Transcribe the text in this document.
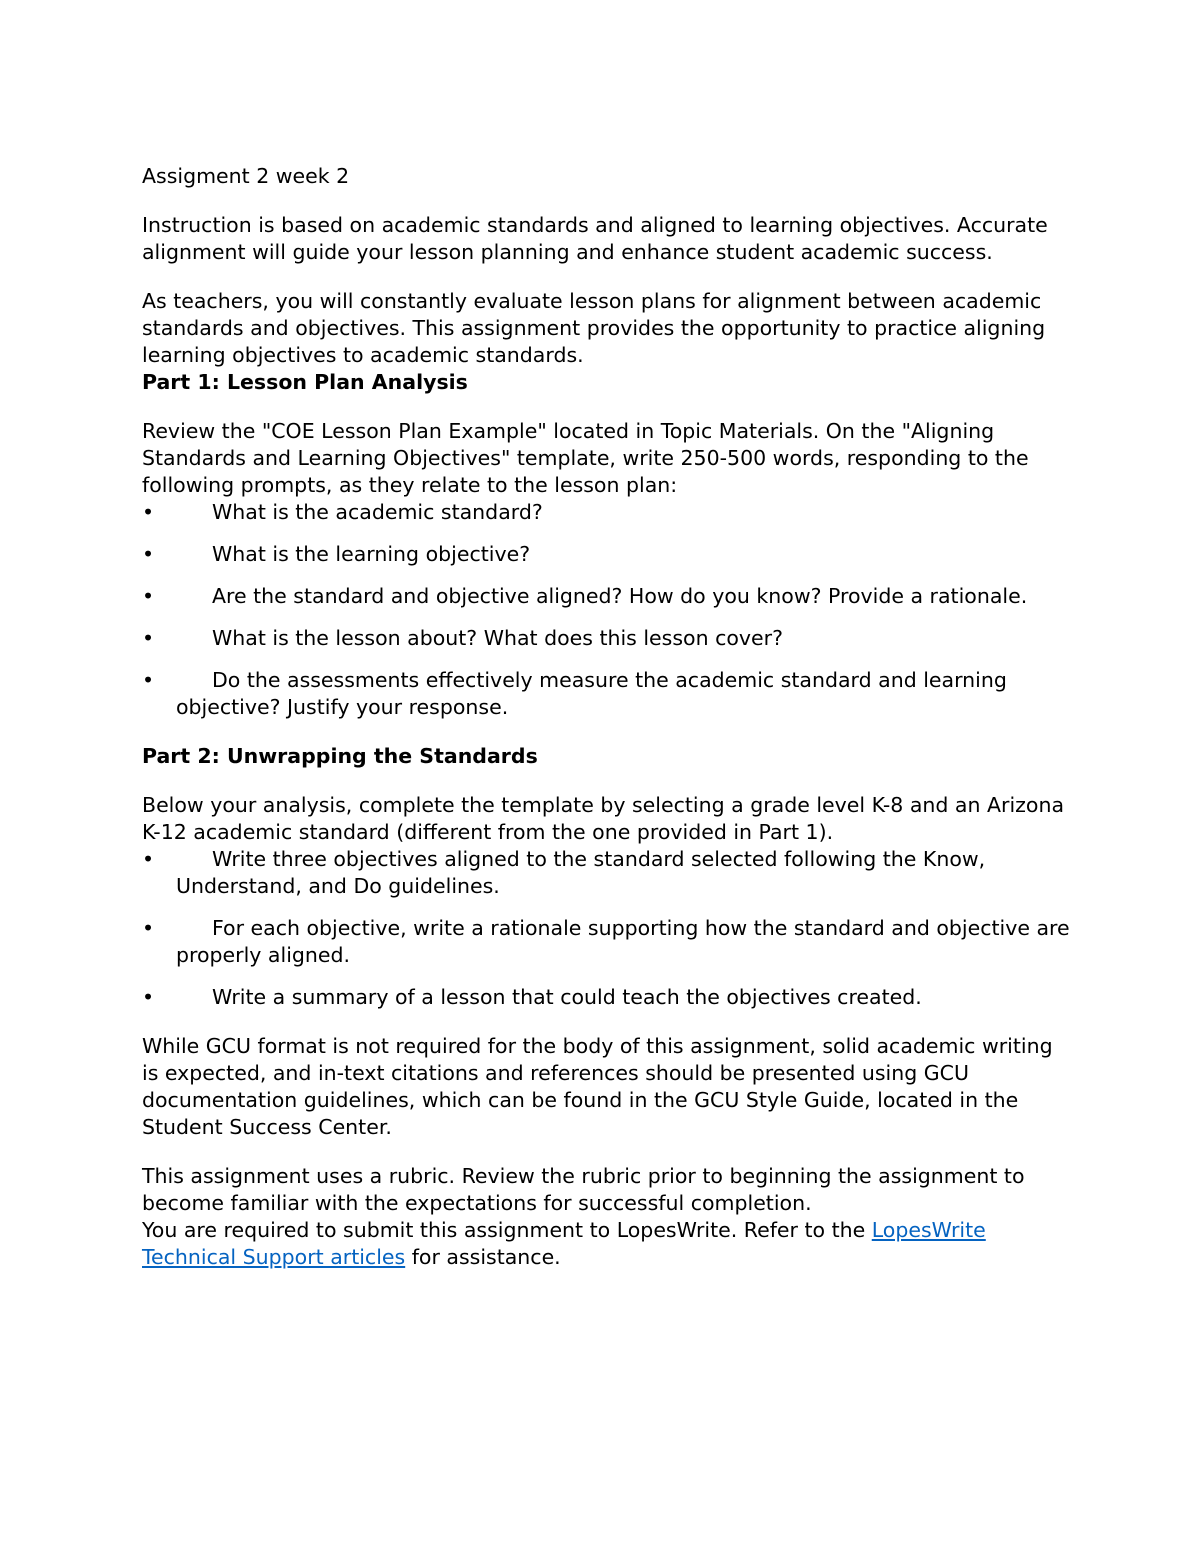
Assigment 2 week 2

Instruction is based on academic standards and aligned to learning objectives. Accurate alignment will guide your lesson planning and enhance student academic success.

As teachers, you will constantly evaluate lesson plans for alignment between academic standards and objectives. This assignment provides the opportunity to practice aligning learning objectives to academic standards.

Part 1: Lesson Plan Analysis

Review the "COE Lesson Plan Example" located in Topic Materials. On the "Aligning Standards and Learning Objectives" template, write 250-500 words, responding to the following prompts, as they relate to the lesson plan:

•	What is the academic standard?
•	What is the learning objective?
•	Are the standard and objective aligned? How do you know? Provide a rationale.
•	What is the lesson about? What does this lesson cover?
•	Do the assessments effectively measure the academic standard and learning objective? Justify your response.

Part 2: Unwrapping the Standards

Below your analysis, complete the template by selecting a grade level K-8 and an Arizona K-12 academic standard (different from the one provided in Part 1).

•	Write three objectives aligned to the standard selected following the Know, Understand, and Do guidelines.
•	For each objective, write a rationale supporting how the standard and objective are properly aligned.
•	Write a summary of a lesson that could teach the objectives created.

While GCU format is not required for the body of this assignment, solid academic writing is expected, and in-text citations and references should be presented using GCU documentation guidelines, which can be found in the GCU Style Guide, located in the Student Success Center.

This assignment uses a rubric. Review the rubric prior to beginning the assignment to become familiar with the expectations for successful completion.

You are required to submit this assignment to LopesWrite. Refer to the LopesWrite Technical Support articles for assistance.
